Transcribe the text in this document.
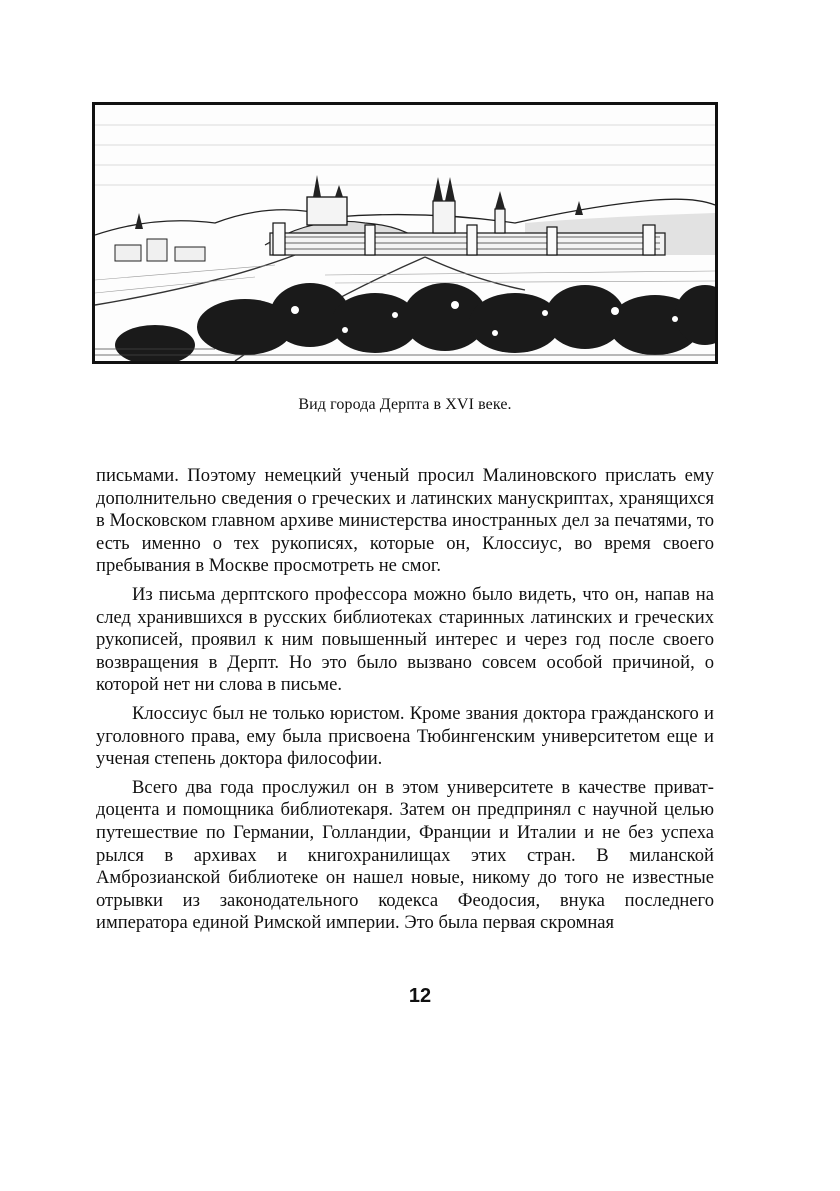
Вид города Дерпта в XVI веке.

письмами. Поэтому немецкий ученый просил Малиновского прислать ему дополнительно сведения о греческих и латинских манускриптах, хранящихся в Московском главном архиве министерства иностранных дел за печатями, то есть именно о тех рукописях, которые он, Клоссиус, во время своего пребывания в Москве просмотреть не смог.

Из письма дерптского профессора можно было видеть, что он, напав на след хранившихся в русских библиотеках старинных латинских и греческих рукописей, проявил к ним повышенный интерес и через год после своего возвращения в Дерпт. Но это было вызвано совсем особой причиной, о которой нет ни слова в письме.

Клоссиус был не только юристом. Кроме звания доктора гражданского и уголовного права, ему была присвоена Тюбингенским университетом еще и ученая степень доктора философии.

Всего два года прослужил он в этом университете в качестве приват-доцента и помощника библиотекаря. Затем он предпринял с научной целью путешествие по Германии, Голландии, Франции и Италии и не без успеха рылся в архивах и книгохранилищах этих стран. В миланской Амброзианской библиотеке он нашел новые, никому до того не известные отрывки из законодательного кодекса Феодосия, внука последнего императора единой Римской империи. Это была первая скромная

12
